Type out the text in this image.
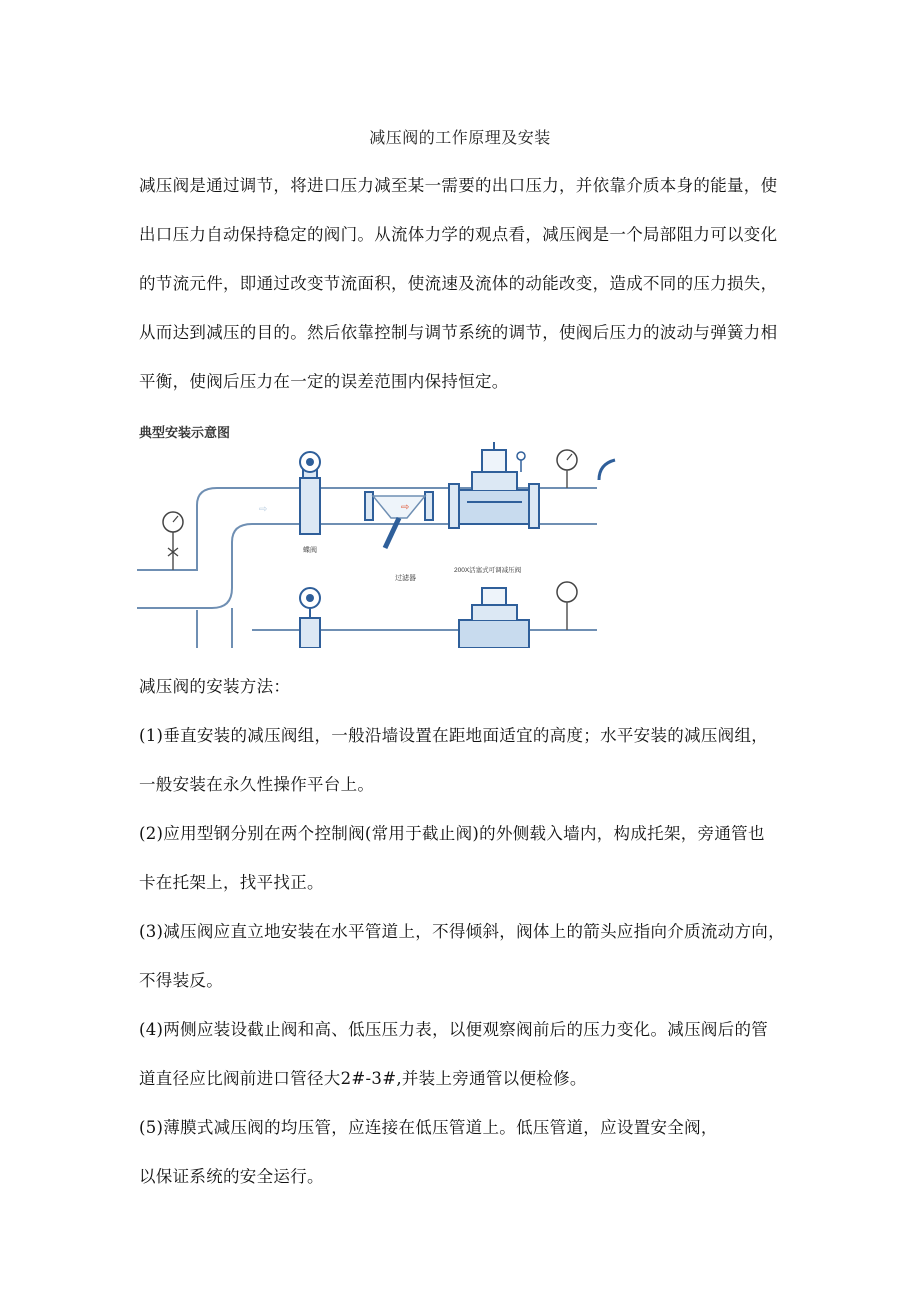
减压阀的工作原理及安装
减压阀是通过调节，将进口压力减至某一需要的出口压力，并依靠介质本身的能量，使
出口压力自动保持稳定的阀门。从流体力学的观点看，减压阀是一个局部阻力可以变化
的节流元件，即通过改变节流面积，使流速及流体的动能改变，造成不同的压力损失，
从而达到减压的目的。然后依靠控制与调节系统的调节，使阀后压力的波动与弹簧力相
平衡，使阀后压力在一定的误差范围内保持恒定。
典型安装示意图
⇨
蝶阀
⇨
过滤器
200X活塞式可调减压阀
减压阀的安装方法：
(1)垂直安装的减压阀组，一般沿墙设置在距地面适宜的高度；水平安装的减压阀组，
一般安装在永久性操作平台上。
(2)应用型钢分别在两个控制阀(常用于截止阀)的外侧载入墙内，构成托架，旁通管也
卡在托架上，找平找正。
(3)减压阀应直立地安装在水平管道上，不得倾斜，阀体上的箭头应指向介质流动方向，
不得装反。
(4)两侧应装设截止阀和高、低压压力表，以便观察阀前后的压力变化。减压阀后的管
道直径应比阀前进口管径大2#-3#,并装上旁通管以便检修。
(5)薄膜式减压阀的均压管，应连接在低压管道上。低压管道，应设置安全阀，
以保证系统的安全运行。
